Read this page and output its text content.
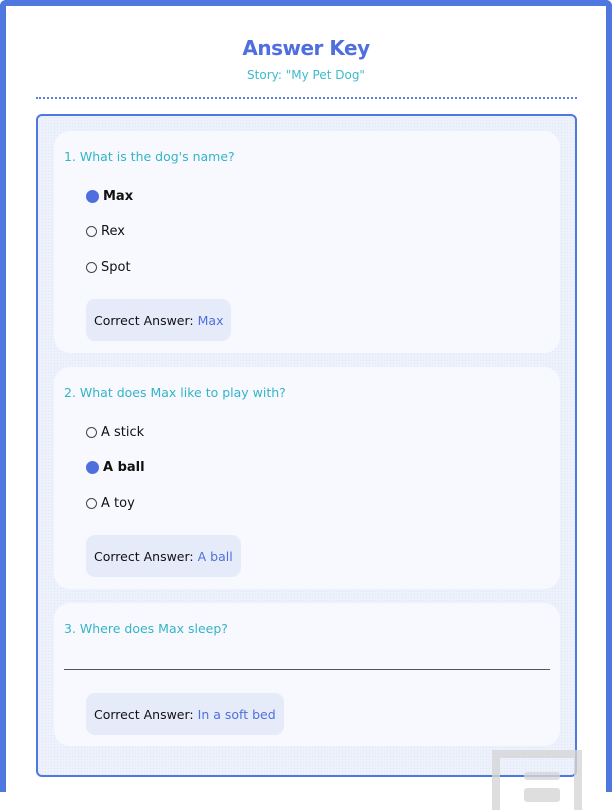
Answer Key
Story: "My Pet Dog"
1. What is the dog's name?
Max
Rex
Spot
Correct Answer: Max
2. What does Max like to play with?
A stick
A ball
A toy
Correct Answer: A ball
3. Where does Max sleep?
Correct Answer: In a soft bed
